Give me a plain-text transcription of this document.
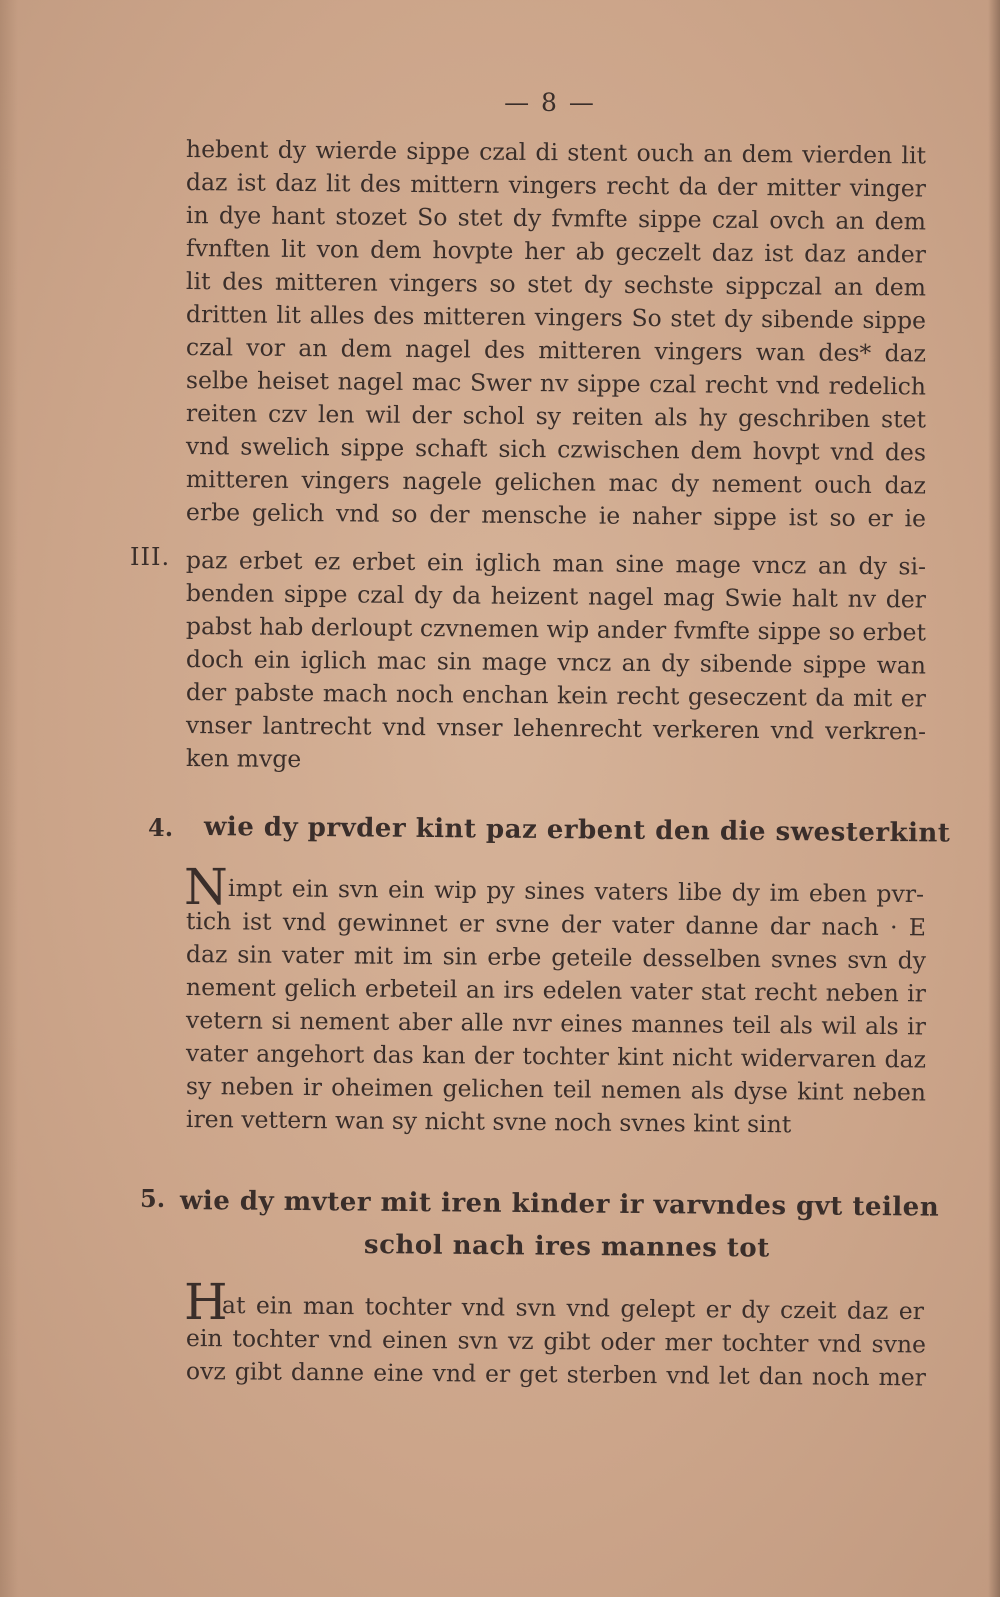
— 8 —
hebent dy wierde sippe czal di stent ouch an dem vierden lit
daz ist daz lit des mittern vingers recht da der mitter vinger
in dye hant stozet So stet dy fvmfte sippe czal ovch an dem
fvnften lit von dem hovpte her ab geczelt daz ist daz ander
lit des mitteren vingers so stet dy sechste sippczal an dem
dritten lit alles des mitteren vingers So stet dy sibende sippe
czal vor an dem nagel des mitteren vingers wan des* daz
selbe heiset nagel mac Swer nv sippe czal recht vnd redelich
reiten czv len wil der schol sy reiten als hy geschriben stet
vnd swelich sippe schaft sich czwischen dem hovpt vnd des
mitteren vingers nagele gelichen mac dy nement ouch daz
erbe gelich vnd so der mensche ie naher sippe ist so er ie
III. paz erbet ez erbet ein iglich man sine mage vncz an dy si-
benden sippe czal dy da heizent nagel mag Swie halt nv der
pabst hab derloupt czvnemen wip ander fvmfte sippe so erbet
doch ein iglich mac sin mage vncz an dy sibende sippe wan
der pabste mach noch enchan kein recht geseczent da mit er
vnser lantrecht vnd vnser lehenrecht verkeren vnd verkren-
ken mvge
4. wie dy prvder kint paz erbent den die swesterkint
N impt ein svn ein wip py sines vaters libe dy im eben pvr-
tich ist vnd gewinnet er svne der vater danne dar nach · E
daz sin vater mit im sin erbe geteile desselben svnes svn dy
nement gelich erbeteil an irs edelen vater stat recht neben ir
vetern si nement aber alle nvr eines mannes teil als wil als ir
vater angehort das kan der tochter kint nicht widervaren daz
sy neben ir oheimen gelichen teil nemen als dyse kint neben
iren vettern wan sy nicht svne noch svnes kint sint
5. wie dy mvter mit iren kinder ir varvndes gvt teilen
schol nach ires mannes tot
H
at ein man tochter vnd svn vnd gelept er dy czeit daz er
ein tochter vnd einen svn vz gibt oder mer tochter vnd svne
ovz gibt danne eine vnd er get sterben vnd let dan noch mer
